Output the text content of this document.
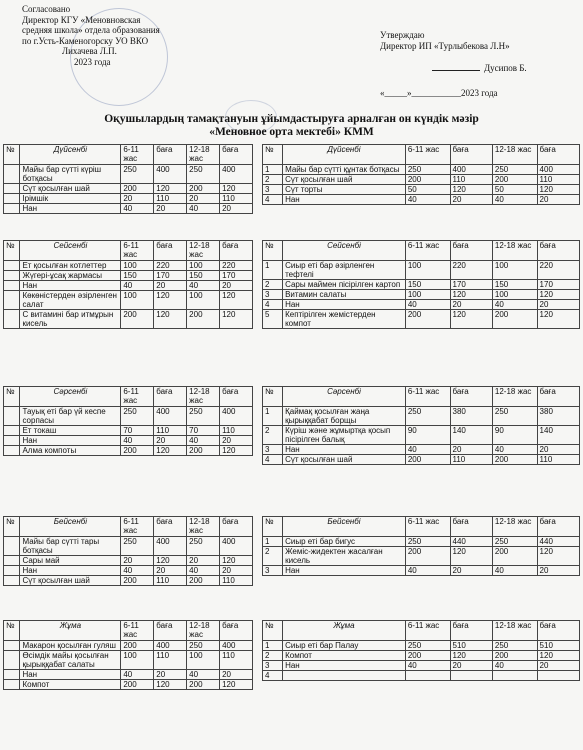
Согласовано
Директор КГУ «Меновновская
средняя школа» отдела образования
по г.Усть-Каменогорску УО ВКО
Лихачева Л.П.
2023 года
Утверждаю
Директор ИП «Турлыбекова Л.Н»
Дусипов Б.
«_____»___________2023 года
Оқушылардың тамақтануын ұйымдастыруға арналған он күндік мәзір
«Меновное орта мектебі» КММ
№	Дүйсенбі	6-11 жас	баға	12-18 жас	баға
	Майы бар сүтті күріш ботқасы	250	400	250	400
	Сүт қосылған шай	200	120	200	120
	Ірімшік	20	110	20	110
	Нан	40	20	40	20
№	Дүйсенбі	6-11 жас	баға	12-18 жас	баға
1	Майы бар сүтті құнтак ботқасы	250	400	250	400
2	Сүт қосылған шай	200	110	200	110
3	Сүт торты	50	120	50	120
4	Нан	40	20	40	20
№	Сейсенбі	6-11 жас	баға	12-18 жас	баға
	Ет қосылған котлеттер	100	220	100	220
	Жүгері-ұсақ жармасы	150	170	150	170
	Нан	40	20	40	20
	Көкөністерден әзірленген салат	100	120	100	120
	С витамині бар итмұрын кисель	200	120	200	120
№	Сейсенбі	6-11 жас	баға	12-18 жас	баға
1	Сиыр еті бар әзірленген тефтелі	100	220	100	220
2	Сары маймен пісірілген картоп	150	170	150	170
3	Витамин салаты	100	120	100	120
4	Нан	40	20	40	20
5	Кептірілген жемістерден компот	200	120	200	120
№	Сәрсенбі	6-11 жас	баға	12-18 жас	баға
	Тауық еті бар үй кеспе сорпасы	250	400	250	400
	Ет токаш	70	110	70	110
	Нан	40	20	40	20
	Алма компоты	200	120	200	120
№	Сәрсенбі	6-11 жас	баға	12-18 жас	баға
1	Қаймақ қосылған жаңа қырыққабат борщы	250	380	250	380
2	Күріш және жұмыртқа қосып пісірілген балық	90	140	90	140
3	Нан	40	20	40	20
4	Сүт қосылған шай	200	110	200	110
№	Бейсенбі	6-11 жас	баға	12-18 жас	баға
	Майы бар сүтті тары ботқасы	250	400	250	400
	Сары май	20	120	20	120
	Нан	40	20	40	20
	Сүт қосылған шай	200	110	200	110
№	Бейсенбі	6-11 жас	баға	12-18 жас	баға
1	Сиыр еті бар бигус	250	440	250	440
2	Жеміс-жидектен жасалған кисель	200	120	200	120
3	Нан	40	20	40	20
№	Жұма	6-11 жас	баға	12-18 жас	баға
	Макарон қосылған гуляш	200	400	250	400
	Өсімдік майы қосылған қырыққабат салаты	100	110	100	110
	Нан	40	20	40	20
	Компот	200	120	200	120
№	Жұма	6-11 жас	баға	12-18 жас	баға
1	Сиыр еті бар Палау	250	510	250	510
2	Компот	200	120	200	120
3	Нан	40	20	40	20
4					
